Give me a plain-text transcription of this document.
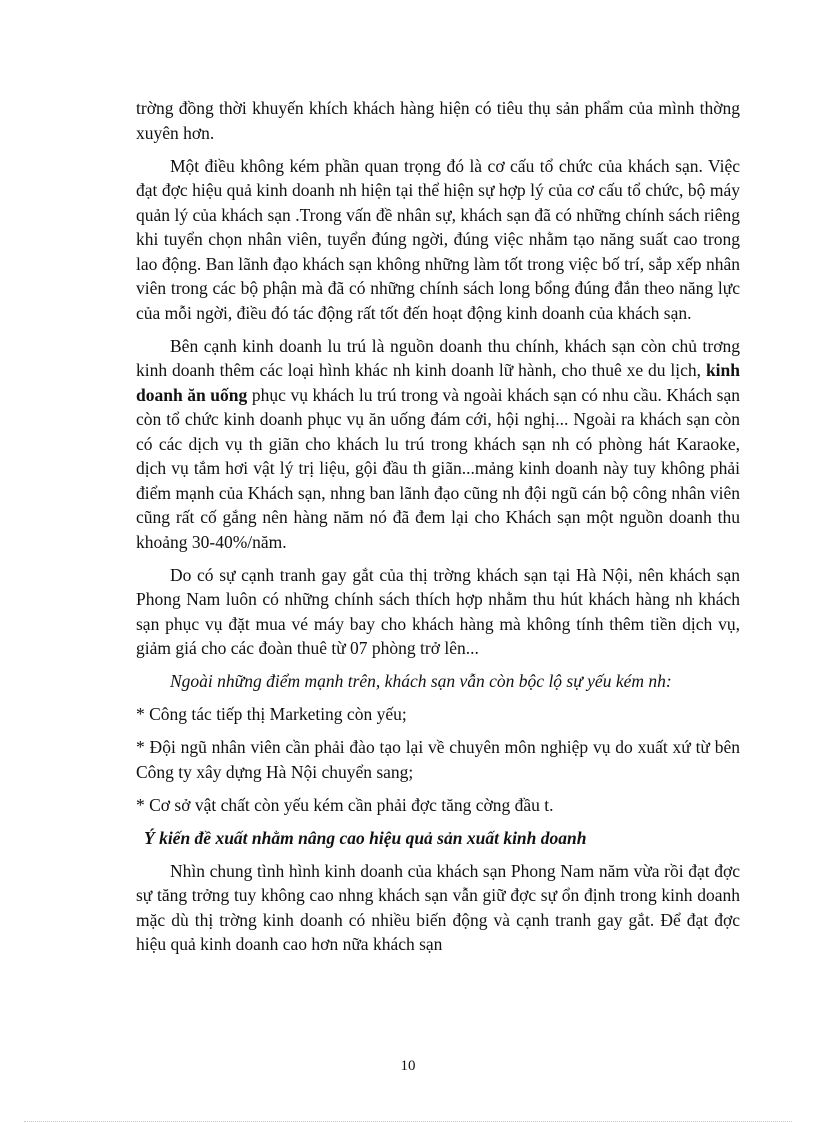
trờng đồng thời khuyến khích khách hàng hiện có tiêu thụ sản phẩm của mình thờng xuyên hơn.

Một điều không kém phần quan trọng đó là cơ cấu tổ chức của khách sạn. Việc đạt đợc hiệu quả kinh doanh nh hiện tại thể hiện sự hợp lý của cơ cấu tổ chức, bộ máy quản lý của khách sạn .Trong vấn đề nhân sự, khách sạn đã có những chính sách riêng khi tuyển chọn nhân viên, tuyển đúng ngời, đúng việc nhằm tạo năng suất cao trong lao động. Ban lãnh đạo khách sạn không những làm tốt trong việc bố trí, sắp xếp nhân viên trong các bộ phận mà đã có những chính sách long bổng đúng đắn theo năng lực của mỗi ngời, điều đó tác động rất tốt đến hoạt động kinh doanh của khách sạn.

Bên cạnh kinh doanh lu trú là nguồn doanh thu chính, khách sạn còn chủ trơng kinh doanh thêm các loại hình khác nh kinh doanh lữ hành, cho thuê xe du lịch, kinh doanh ăn uống phục vụ khách lu trú trong và ngoài khách sạn có nhu cầu. Khách sạn còn tổ chức kinh doanh phục vụ ăn uống đám cới, hội nghị... Ngoài ra khách sạn còn có các dịch vụ th giãn cho khách lu trú trong khách sạn nh có phòng hát Karaoke, dịch vụ tắm hơi vật lý trị liệu, gội đầu th giãn...mảng kinh doanh này tuy không phải điểm mạnh của Khách sạn, nhng ban lãnh đạo cũng nh đội ngũ cán bộ công nhân viên cũng rất cố gắng nên hàng năm nó đã đem lại cho Khách sạn một nguồn doanh thu khoảng 30-40%/năm.

Do có sự cạnh tranh gay gắt của thị trờng khách sạn tại Hà Nội, nên khách sạn Phong Nam luôn có những chính sách thích hợp nhằm thu hút khách hàng nh khách sạn phục vụ đặt mua vé máy bay cho khách hàng mà không tính thêm tiền dịch vụ, giảm giá cho các đoàn thuê từ 07 phòng trở lên...

Ngoài những điểm mạnh trên, khách sạn vẫn còn bộc lộ sự yếu kém nh:

* Công tác tiếp thị Marketing còn yếu;

* Đội ngũ nhân viên cần phải đào tạo lại về chuyên môn nghiệp vụ do xuất xứ từ bên Công ty xây dựng Hà Nội chuyển sang;

* Cơ sở vật chất còn yếu kém cần phải đợc tăng cờng đầu t.

Ý kiến đề xuất nhằm nâng cao hiệu quả sản xuất kinh doanh

Nhìn chung tình hình kinh doanh của khách sạn Phong Nam năm vừa rồi đạt đợc sự tăng trởng tuy không cao nhng khách sạn vẫn giữ đợc sự ổn định trong kinh doanh mặc dù thị trờng kinh doanh có nhiều biến động và cạnh tranh gay gắt. Để đạt đợc hiệu quả kinh doanh cao hơn nữa khách sạn

10
